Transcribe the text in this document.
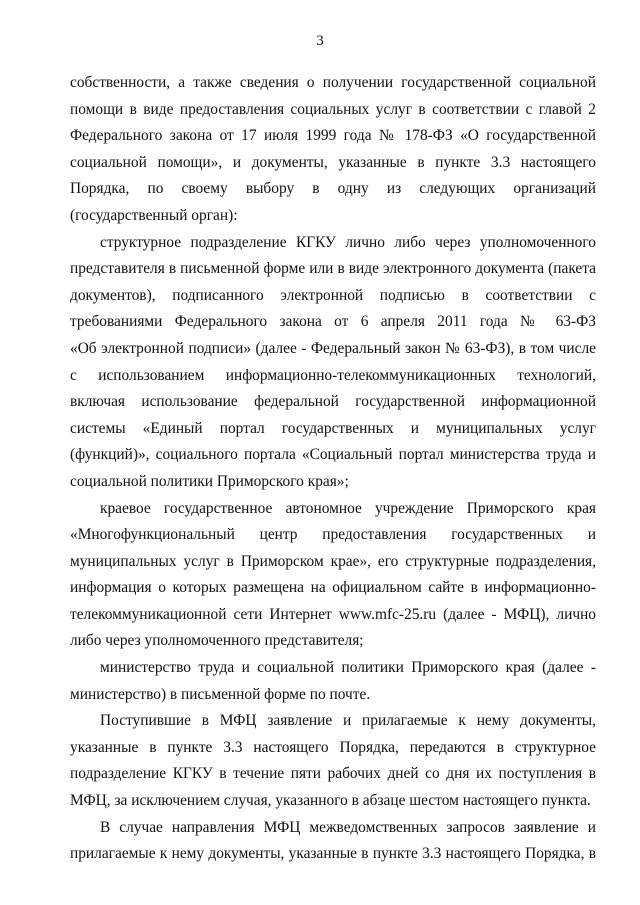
3
собственности, а также сведения о получении государственной социальной
помощи в виде предоставления социальных услуг в соответствии с главой 2
Федерального закона от 17 июля 1999 года № 178-ФЗ «О государственной
социальной помощи», и документы, указанные в пункте 3.3 настоящего
Порядка, по своему выбору в одну из следующих организаций
(государственный орган):
структурное подразделение КГКУ лично либо через уполномоченного
представителя в письменной форме или в виде электронного документа (пакета
документов), подписанного электронной подписью в соответствии с
требованиями Федерального закона от 6 апреля 2011 года № 63-ФЗ
«Об электронной подписи» (далее - Федеральный закон № 63-ФЗ), в том числе
с использованием информационно-телекоммуникационных технологий,
включая использование федеральной государственной информационной
системы «Единый портал государственных и муниципальных услуг
(функций)», социального портала «Социальный портал министерства труда и
социальной политики Приморского края»;
краевое государственное автономное учреждение Приморского края
«Многофункциональный центр предоставления государственных и
муниципальных услуг в Приморском крае», его структурные подразделения,
информация о которых размещена на официальном сайте в информационно-
телекоммуникационной сети Интернет www.mfc-25.ru (далее - МФЦ), лично
либо через уполномоченного представителя;
министерство труда и социальной политики Приморского края (далее -
министерство) в письменной форме по почте.
Поступившие в МФЦ заявление и прилагаемые к нему документы,
указанные в пункте 3.3 настоящего Порядка, передаются в структурное
подразделение КГКУ в течение пяти рабочих дней со дня их поступления в
МФЦ, за исключением случая, указанного в абзаце шестом настоящего пункта.
В случае направления МФЦ межведомственных запросов заявление и
прилагаемые к нему документы, указанные в пункте 3.3 настоящего Порядка, в
